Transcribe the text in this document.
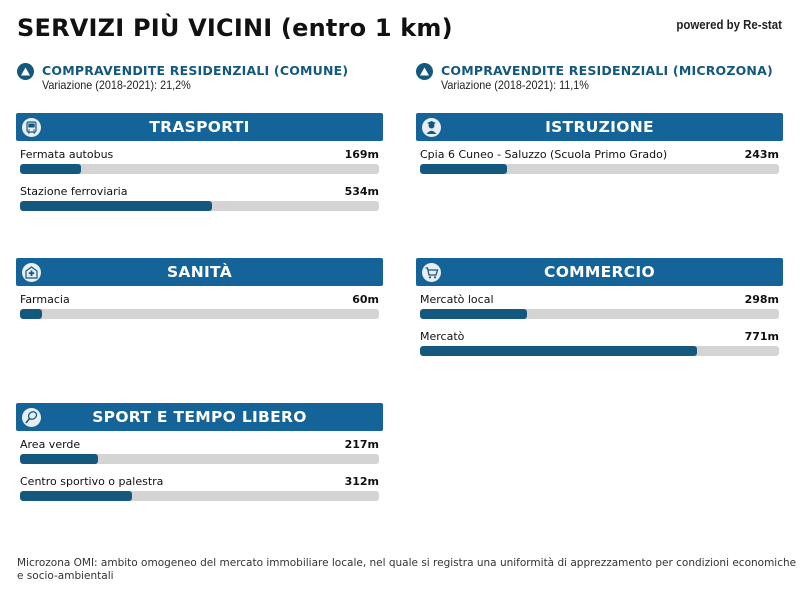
SERVIZI PIÙ VICINI (entro 1 km)	powered by Re-stat
COMPRAVENDITE RESIDENZIALI (COMUNE)
Variazione (2018-2021): 21,2%
COMPRAVENDITE RESIDENZIALI (MICROZONA)
Variazione (2018-2021): 11,1%
TRASPORTI
Fermata autobus	169m
Stazione ferroviaria	534m
ISTRUZIONE
Cpia 6 Cuneo - Saluzzo (Scuola Primo Grado)	243m
SANITÀ
Farmacia	60m
COMMERCIO
Mercatò local	298m
Mercatò	771m
SPORT E TEMPO LIBERO
Area verde	217m
Centro sportivo o palestra	312m
Microzona OMI: ambito omogeneo del mercato immobiliare locale, nel quale si registra una uniformità di apprezzamento per condizioni economiche e socio-ambientali
